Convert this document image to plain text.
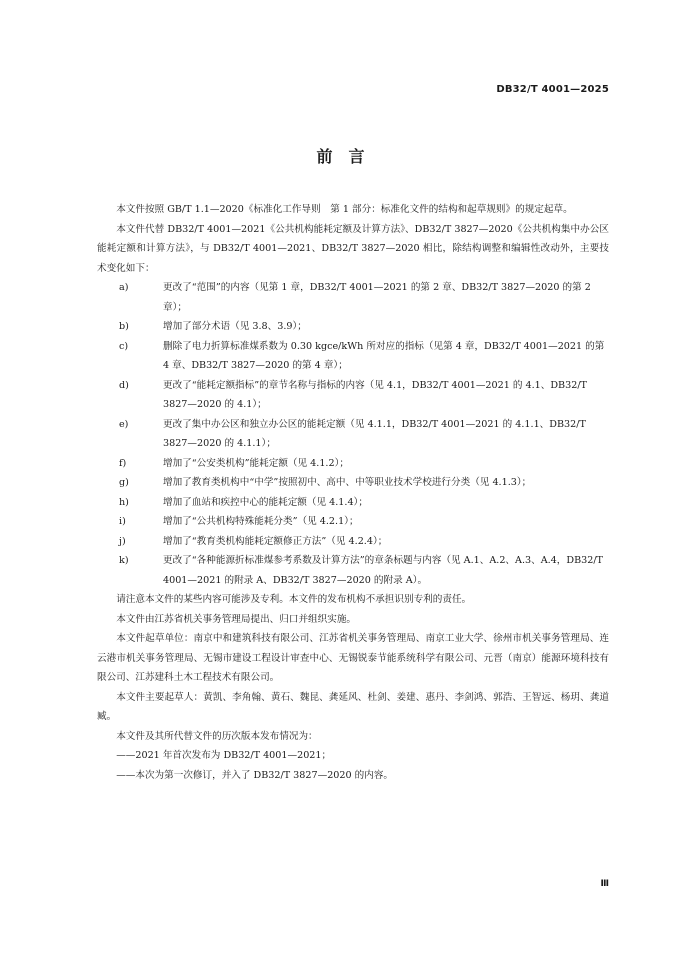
DB32/T 4001—2025
前　言

本文件按照 GB/T 1.1—2020《标准化工作导则　第 1 部分：标准化文件的结构和起草规则》的规定起草。

本文件代替 DB32/T 4001—2021《公共机构能耗定额及计算方法》、DB32/T 3827—2020《公共机构集中办公区能耗定额和计算方法》，与 DB32/T 4001—2021、DB32/T 3827—2020 相比，除结构调整和编辑性改动外，主要技术变化如下：

a)	更改了“范围”的内容（见第 1 章，DB32/T 4001—2021 的第 2 章、DB32/T 3827—2020 的第 2 章）；
b)	增加了部分术语（见 3.8、3.9）；
c)	删除了电力折算标准煤系数为 0.30 kgce/kWh 所对应的指标（见第 4 章，DB32/T 4001—2021 的第 4 章、DB32/T 3827—2020 的第 4 章）；
d)	更改了“能耗定额指标”的章节名称与指标的内容（见 4.1，DB32/T 4001—2021 的 4.1、DB32/T 3827—2020 的 4.1）；
e)	更改了集中办公区和独立办公区的能耗定额（见 4.1.1，DB32/T 4001—2021 的 4.1.1、DB32/T 3827—2020 的 4.1.1）；
f)	增加了“公安类机构”能耗定额（见 4.1.2）；
g)	增加了教育类机构中“中学”按照初中、高中、中等职业技术学校进行分类（见 4.1.3）；
h)	增加了血站和疾控中心的能耗定额（见 4.1.4）；
i)	增加了“公共机构特殊能耗分类”（见 4.2.1）；
j)	增加了“教育类机构能耗定额修正方法”（见 4.2.4）；
k)	更改了“各种能源折标准煤参考系数及计算方法”的章条标题与内容（见 A.1、A.2、A.3、A.4，DB32/T 4001—2021 的附录 A、DB32/T 3827—2020 的附录 A）。

请注意本文件的某些内容可能涉及专利。本文件的发布机构不承担识别专利的责任。

本文件由江苏省机关事务管理局提出、归口并组织实施。

本文件起草单位：南京中和建筑科技有限公司、江苏省机关事务管理局、南京工业大学、徐州市机关事务管理局、连云港市机关事务管理局、无锡市建设工程设计审查中心、无锡锐泰节能系统科学有限公司、元晋（南京）能源环境科技有限公司、江苏建科土木工程技术有限公司。

本文件主要起草人：黄凯、李角翰、黄石、魏昆、龚延风、杜剑、姜建、惠丹、李剑鸿、郭浩、王智远、杨玥、龚道臧。

本文件及其所代替文件的历次版本发布情况为：

——2021 年首次发布为 DB32/T 4001—2021；

——本次为第一次修订，并入了 DB32/T 3827—2020 的内容。

Ⅲ
